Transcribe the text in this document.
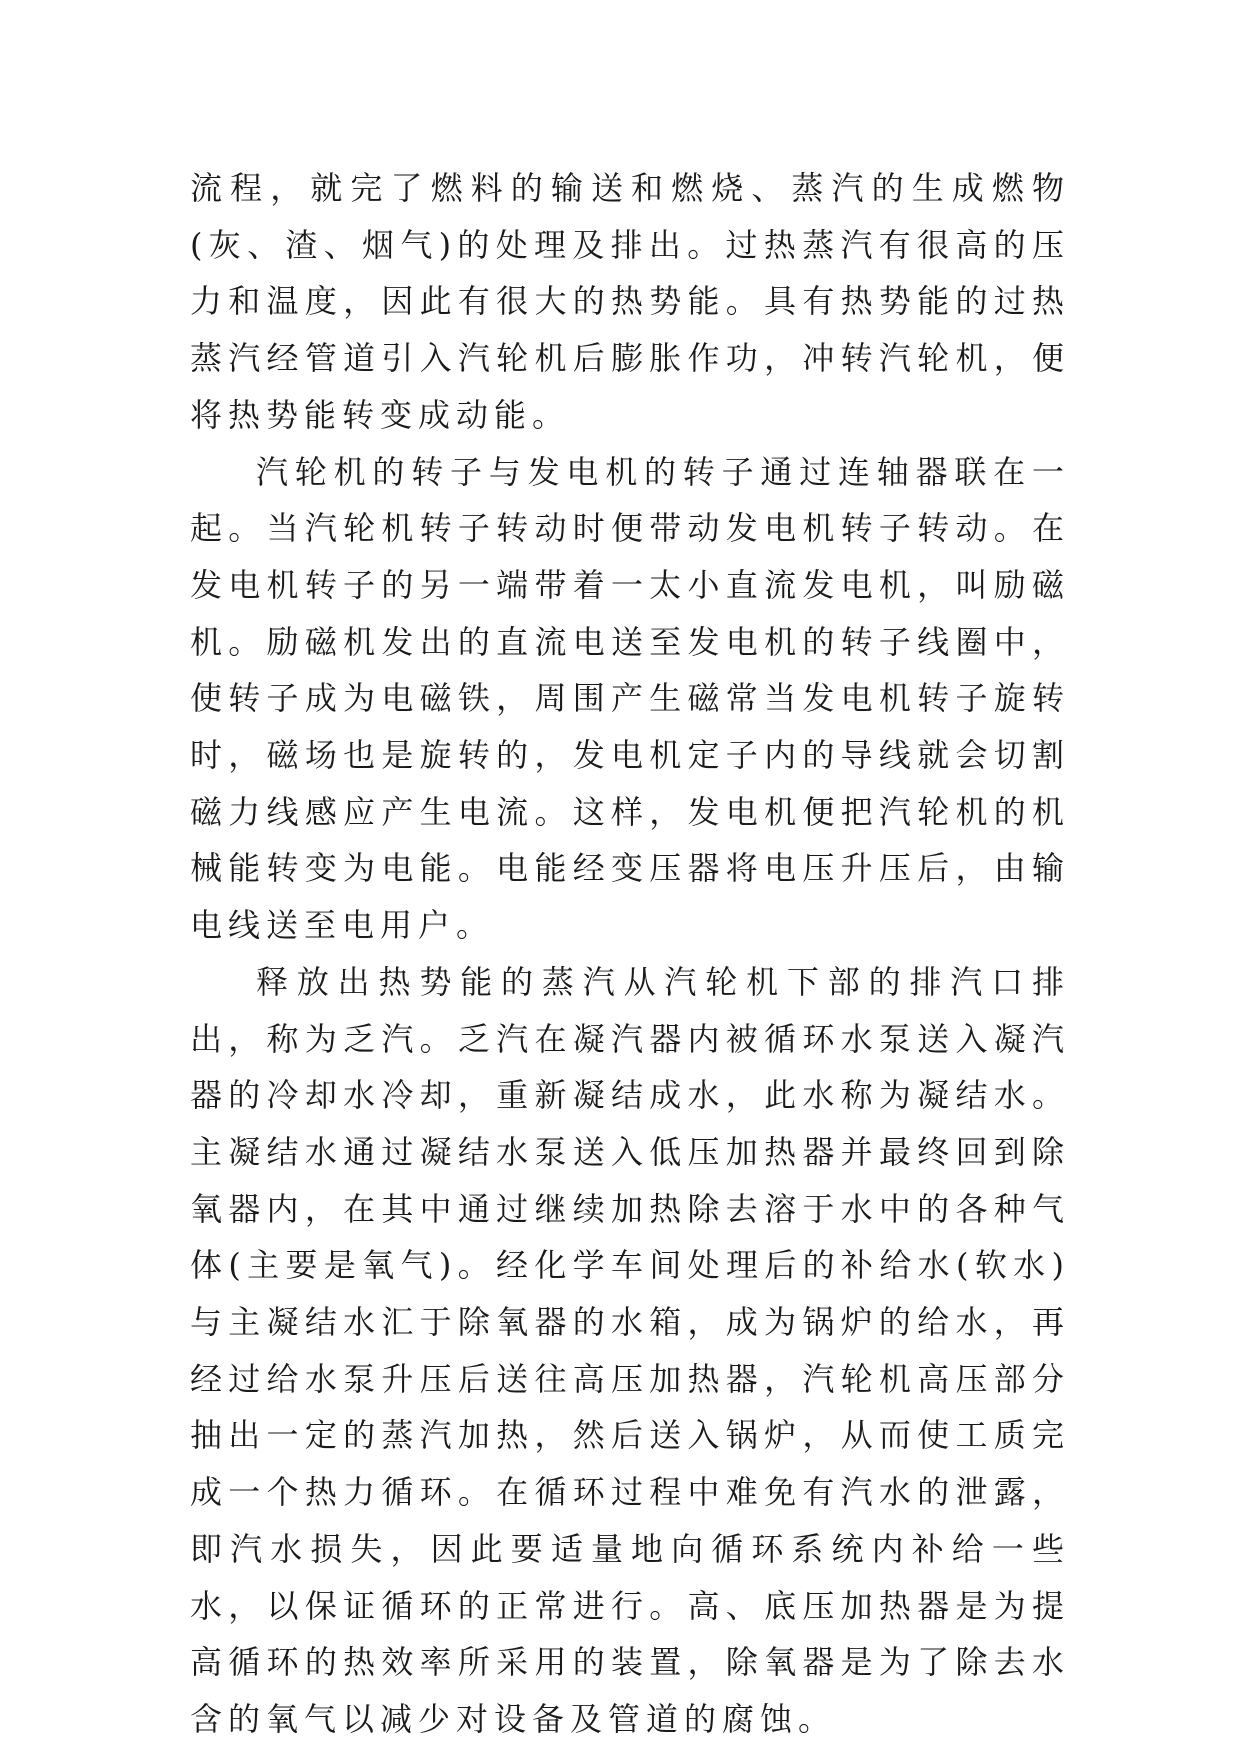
流程，就完了燃料的输送和燃烧、蒸汽的生成燃物(灰、渣、烟气)的处理及排出。过热蒸汽有很高的压力和温度，因此有很大的热势能。具有热势能的过热蒸汽经管道引入汽轮机后膨胀作功，冲转汽轮机，便将热势能转变成动能。

汽轮机的转子与发电机的转子通过连轴器联在一起。当汽轮机转子转动时便带动发电机转子转动。在发电机转子的另一端带着一太小直流发电机，叫励磁机。励磁机发出的直流电送至发电机的转子线圈中，使转子成为电磁铁，周围产生磁常当发电机转子旋转时，磁场也是旋转的，发电机定子内的导线就会切割磁力线感应产生电流。这样，发电机便把汽轮机的机械能转变为电能。电能经变压器将电压升压后，由输电线送至电用户。

释放出热势能的蒸汽从汽轮机下部的排汽口排出，称为乏汽。乏汽在凝汽器内被循环水泵送入凝汽器的冷却水冷却，重新凝结成水，此水称为凝结水。主凝结水通过凝结水泵送入低压加热器并最终回到除氧器内，在其中通过继续加热除去溶于水中的各种气体(主要是氧气)。经化学车间处理后的补给水(软水)与主凝结水汇于除氧器的水箱，成为锅炉的给水，再经过给水泵升压后送往高压加热器，汽轮机高压部分抽出一定的蒸汽加热，然后送入锅炉，从而使工质完成一个热力循环。在循环过程中难免有汽水的泄露，即汽水损失，因此要适量地向循环系统内补给一些水，以保证循环的正常进行。高、底压加热器是为提高循环的热效率所采用的装置，除氧器是为了除去水含的氧气以减少对设备及管道的腐蚀。
